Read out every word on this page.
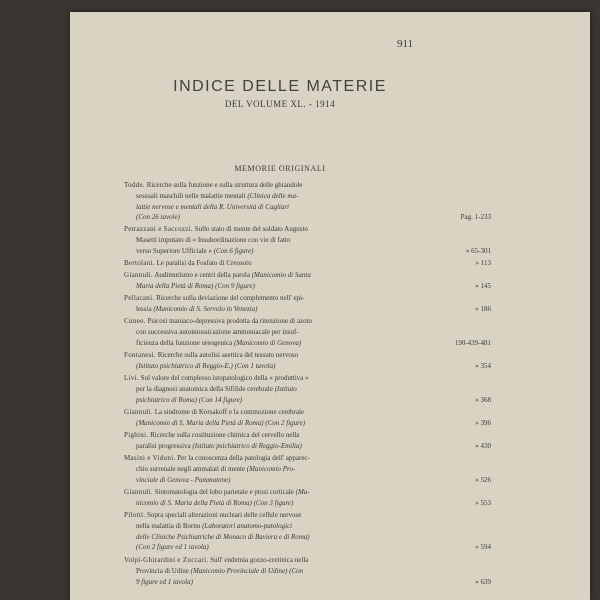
911
INDICE DELLE MATERIE
DEL VOLUME XL. - 1914
MEMORIE ORIGINALI
Todde. Ricerche sulla funzione e sulla struttura delle ghiandole
sessuali maschili nelle malattie mentali (Clinica delle ma-
lattie nervose e mentali della R. Università di Cagliari
(Con 26 tavole)	Pag. 1-233
Petrazzani e Saccozzi. Sullo stato di mente del soldato Augusto
Masetti imputato di « Insubordinazione con vie di fatto
verso Superiore Ufficiale » (Con 6 figure)	» 65-301
Bertolani. Le paralisi da Fosfato di Creosoto	» 113
Giannuli. Audimutismo e centri della parola (Manicomio di Santa
Maria della Pietà di Roma) (Con 9 figure)	» 145
Pellacani. Ricerche sulla deviazione del complemento nell' epi-
lessia (Manicomio di S. Servolo in Venezia)	» 186
Cuneo. Psicosi maniaco-depressiva prodotta da ritenzione di azoto
con successiva autointossicazione ammoniacale per insuf-
ficienza della funzione ureogenica (Manicomio di Genova)	190-439-481
Fontanesi. Ricerche sulla autolisi asettica del tessuto nervoso
(Istituto psichiatrico di Reggio-E.) (Con 1 tavola)	» 354
Livi. Sul valore del complesso istopatologico della « produttiva »
per la diagnosi anatomica della Sifilide cerebrale (Istituto
psichiatrico di Roma) (Con 14 figure)	» 368
Giannuli. La sindrome di Korsakoff e la commozione cerebrale
(Manicomio di S. Maria della Pietà di Roma) (Con 2 figure)	» 396
Pighini. Ricerche sulla costituzione chimica del cervello nella
paralisi progressiva (Istituto psichiatrico di Reggio-Emilia)	» 430
Masini e Vidoni. Per la conoscenza della patologia dell' apparec-
chio surrenale negli ammalati di mente (Manicomio Pro-
vinciale di Genova - Pammatone)	» 526
Giannuli. Sintomatologia del lobo parietale e ptosi corticale (Ma-
nicomio di S. Maria della Pietà di Roma) (Con 3 figure)	» 553
Pilotti. Sopra speciali alterazioni nucleari delle cellule nervose
nella malattia di Bornu (Laboratori anatomo-patologici
delle Cliniche Psichiatriche di Monaco di Baviera e di Roma)
(Con 2 figure ed 1 tavola)	» 594
Volpi-Ghirardini e Zuccari. Sull' endemia gozzo-cretinica nella
Provincia di Udine (Manicomio Provinciale di Udine) (Con
9 figure ed 1 tavola)	» 639
